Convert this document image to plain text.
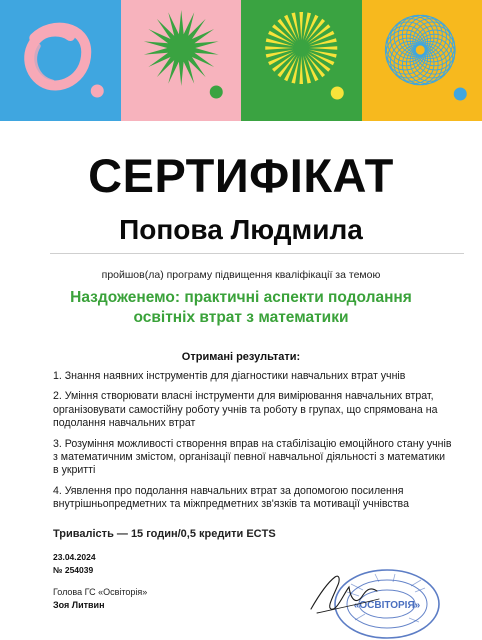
СЕРТИФІКАТ
Попова Людмила
пройшов(ла) програму підвищення кваліфікації за темою
Наздоженемо: практичні аспекти подолання освітніх втрат з математики
Отримані результати:

1. Знання наявних інструментів для діагностики навчальних втрат учнів

2. Уміння створювати власні інструменти для вимірювання навчальних втрат, організовувати самостійну роботу учнів та роботу в групах, що спрямована на подолання навчальних втрат

3. Розуміння можливості створення вправ на стабілізацію емоційного стану учнів з математичним змістом, організації певної навчальної діяльності з математики в укритті

4. Уявлення про подолання навчальних втрат за допомогою посилення внутрішньопредметних та міжпредметних зв'язків та мотивації учнівства

Тривалість — 15 годин/0,5 кредити ECTS
23.04.2024
№ 254039
Голова ГС «Освіторія»
Зоя Литвин	«ОСВІТОРІЯ»
